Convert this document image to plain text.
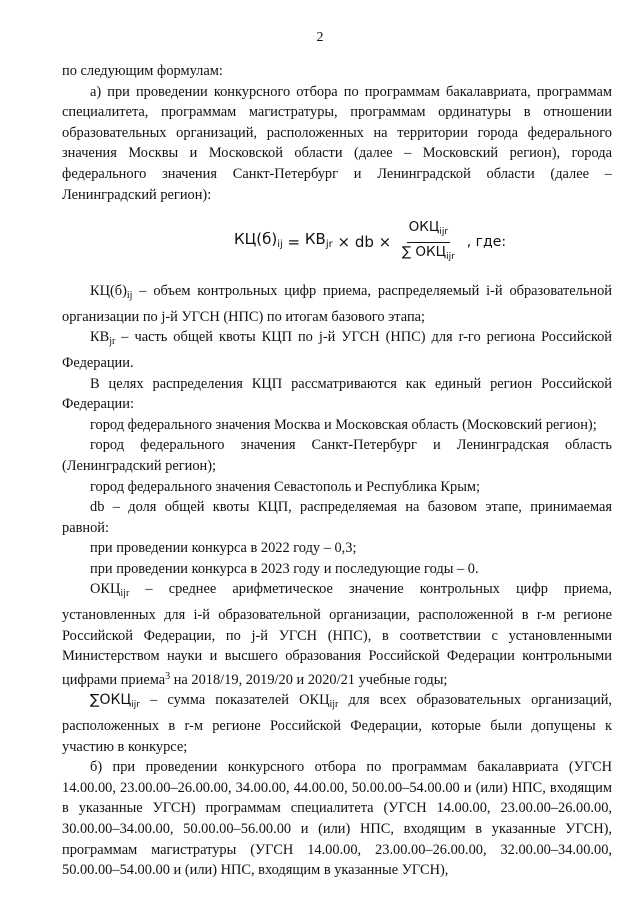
2

по следующим формулам:

а) при проведении конкурсного отбора по программам бакалавриата, программам специалитета, программам магистратуры, программам ординатуры в отношении образовательных организаций, расположенных на территории города федерального значения Москвы и Московской области (далее – Московский регион), города федерального значения Санкт-Петербург и Ленинградской области (далее – Ленинградский регион):

$КЦ(б)_{ij} = КВ_{jr}$ × db × $\frac{ОКЦ_{ijr}}{\sum ОКЦ_{ijr}}$ , где:

$КЦ(б)_{ij}$ – объем контрольных цифр приема, распределяемый i-й образовательной организации по j-й УГСН (НПС) по итогам базового этапа;

$КВ_{jr}$ – часть общей квоты КЦП по j-й УГСН (НПС) для r-го региона Российской Федерации.

В целях распределения КЦП рассматриваются как единый регион Российской Федерации:

город федерального значения Москва и Московская область (Московский регион);

город федерального значения Санкт-Петербург и Ленинградская область (Ленинградский регион);

город федерального значения Севастополь и Республика Крым;

db – доля общей квоты КЦП, распределяемая на базовом этапе, принимаемая равной:

при проведении конкурса в 2022 году – 0,3;

при проведении конкурса в 2023 году и последующие годы – 0.

$ОКЦ_{ijr}$ – среднее арифметическое значение контрольных цифр приема, установленных для i-й образовательной организации, расположенной в r-м регионе Российской Федерации, по j-й УГСН (НПС), в соответствии с установленными Министерством науки и высшего образования Российской Федерации контрольными цифрами приема$^3$ на 2018/19, 2019/20 и 2020/21 учебные годы;

$\sum ОКЦ_{ijr}$ – сумма показателей $ОКЦ_{ijr}$ для всех образовательных организаций, расположенных в r-м регионе Российской Федерации, которые были допущены к участию в конкурсе;

б) при проведении конкурсного отбора по программам бакалавриата (УГСН 14.00.00, 23.00.00–26.00.00, 34.00.00, 44.00.00, 50.00.00–54.00.00 и (или) НПС, входящим в указанные УГСН) программам специалитета (УГСН 14.00.00, 23.00.00–26.00.00, 30.00.00–34.00.00, 50.00.00–56.00.00 и (или) НПС, входящим в указанные УГСН), программам магистратуры (УГСН 14.00.00, 23.00.00–26.00.00, 32.00.00–34.00.00, 50.00.00–54.00.00 и (или) НПС, входящим в указанные УГСН),
